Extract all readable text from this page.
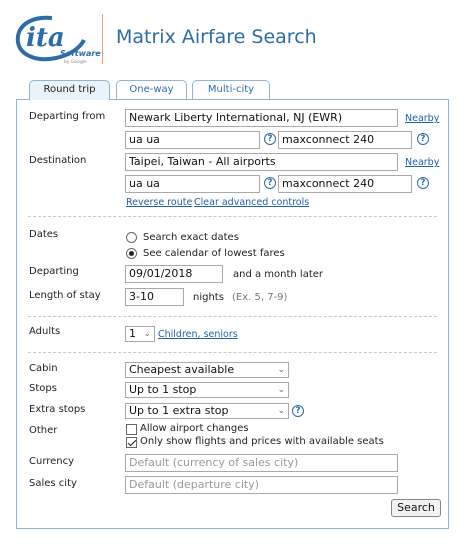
ita
Software
by Google
Matrix Airfare Search
Round trip	One-way	Multi-city
Departing from	Newark Liberty International, NJ (EWR)	Nearby
ua ua	? maxconnect 240	?
Destination	Taipei, Taiwan - All airports	Nearby
ua ua	? maxconnect 240	?
Reverse route Clear advanced controls
Dates	Search exact dates
See calendar of lowest fares
Departing	09/01/2018	and a month later
Length of stay	3-10	nights (Ex. 5, 7-9)
Adults	1 ⌄ Children, seniors
Cabin	Cheapest available	⌄
Stops	Up to 1 stop	⌄
Extra stops	Up to 1 extra stop	⌄	?
Other	Allow airport changes
Only show flights and prices with available seats
Currency	Default (currency of sales city)
Sales city	Default (departure city)
Search
